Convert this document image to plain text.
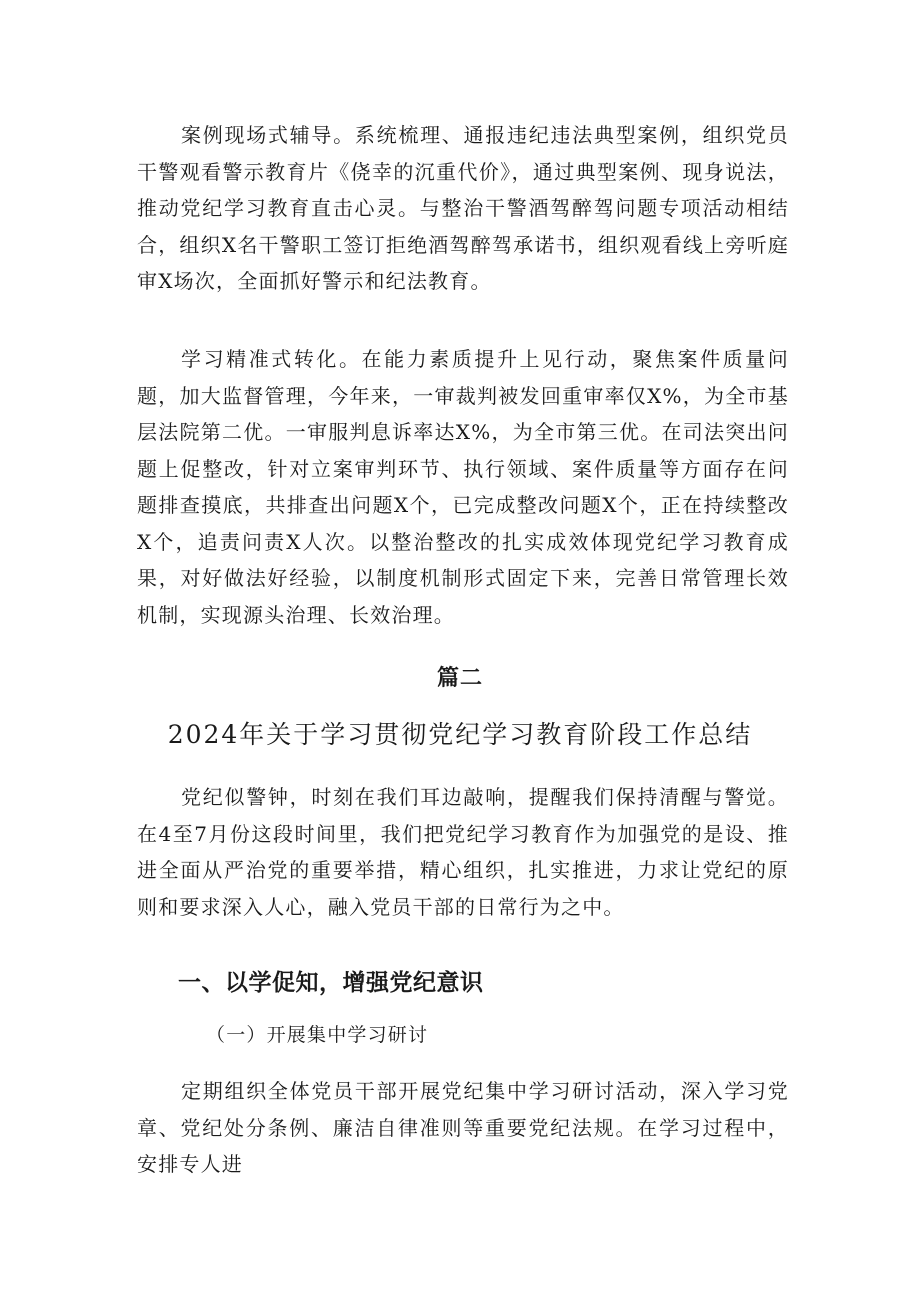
案例现场式辅导。系统梳理、通报违纪违法典型案例，组织党员干警观看警示教育片《侥幸的沉重代价》，通过典型案例、现身说法，推动党纪学习教育直击心灵。与整治干警酒驾醉驾问题专项活动相结合，组织X名干警职工签订拒绝酒驾醉驾承诺书，组织观看线上旁听庭审X场次，全面抓好警示和纪法教育。

学习精准式转化。在能力素质提升上见行动，聚焦案件质量问题，加大监督管理，今年来，一审裁判被发回重审率仅X%，为全市基层法院第二优。一审服判息诉率达X%，为全市第三优。在司法突出问题上促整改，针对立案审判环节、执行领域、案件质量等方面存在问题排查摸底，共排查出问题X个，已完成整改问题X个，正在持续整改X个，追责问责X人次。以整治整改的扎实成效体现党纪学习教育成果，对好做法好经验，以制度机制形式固定下来，完善日常管理长效机制，实现源头治理、长效治理。

篇二
2024年关于学习贯彻党纪学习教育阶段工作总结

党纪似警钟，时刻在我们耳边敲响，提醒我们保持清醒与警觉。在4至7月份这段时间里，我们把党纪学习教育作为加强党的是设、推进全面从严治党的重要举措，精心组织，扎实推进，力求让党纪的原则和要求深入人心，融入党员干部的日常行为之中。

一、以学促知，增强党纪意识
（一）开展集中学习研讨

定期组织全体党员干部开展党纪集中学习研讨活动，深入学习党章、党纪处分条例、廉洁自律准则等重要党纪法规。在学习过程中，安排专人进
